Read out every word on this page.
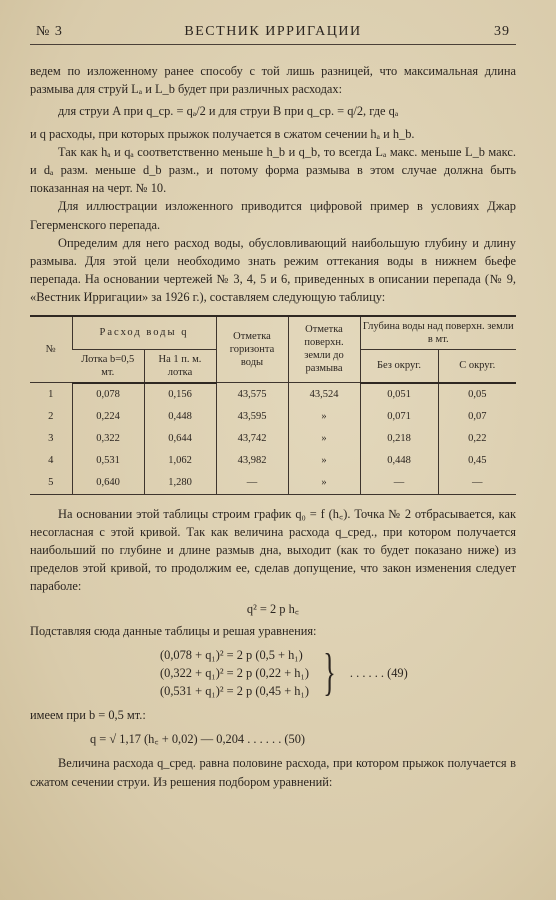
№ 3	ВЕСТНИК ИРРИГАЦИИ	39

ведем по изложенному ранее способу с той лишь разницей, что максимальная длина размыва для струй Lₐ и L_b будет при различных расходах:

для струи A при q_ср. = qₐ/2 и для струи B при q_ср. = q/2, где qₐ

и q расходы, при которых прыжок получается в сжатом сечении hₐ и h_b.

Так как hₐ и qₐ соответственно меньше h_b и q_b, то всегда Lₐ макс. меньше L_b макс. и dₐ разм. меньше d_b разм., и потому форма размыва в этом случае должна быть показанная на черт. № 10.

Для иллюстрации изложенного приводится цифровой пример в условиях Джар Гегерменского перепада.

Определим для него расход воды, обусловливающий наибольшую глубину и длину размыва. Для этой цели необходимо знать режим оттекания воды в нижнем бьефе перепада. На основании чертежей № 3, 4, 5 и 6, приведенных в описании перепада (№ 9, «Вестник Ирригации» за 1926 г.), составляем следующую таблицу:

№	Расход воды q		Отметка горизонта воды	Отметка поверхн. земли до размыва	Глубина воды над поверхн. земли в мт.	
	Лотка b=0,5 мт.	На 1 п. м. лотка			Без округ.	С округ.
1	0,078	0,156	43,575	43,524	0,051	0,05
2	0,224	0,448	43,595	»	0,071	0,07
3	0,322	0,644	43,742	»	0,218	0,22
4	0,531	1,062	43,982	»	0,448	0,45
5	0,640	1,280	—	»	—	—

На основании этой таблицы строим график q₀ = f (h꜀). Точка № 2 отбрасывается, как несогласная с этой кривой. Так как величина расхода q_сред., при котором получается наибольший по глубине и длине размыв дна, выходит (как то будет показано ниже) из пределов этой кривой, то продолжим ее, сделав допущение, что закон изменения следует параболе:

q² = 2 p h꜀

Подставляя сюда данные таблицы и решая уравнения:

(0,078 + q₁)² = 2 p (0,5 + h₁)
(0,322 + q₁)² = 2 p (0,22 + h₁)
(0,531 + q₁)² = 2 p (0,45 + h₁) } . . . . . . (49)

имеем при b = 0,5 мт.:

q = √ 1,17 (h꜀ + 0,02) — 0,204 . . . . . . (50)

Величина расхода q_сред. равна половине расхода, при котором прыжок получается в сжатом сечении струи. Из решения подбором уравнений:
